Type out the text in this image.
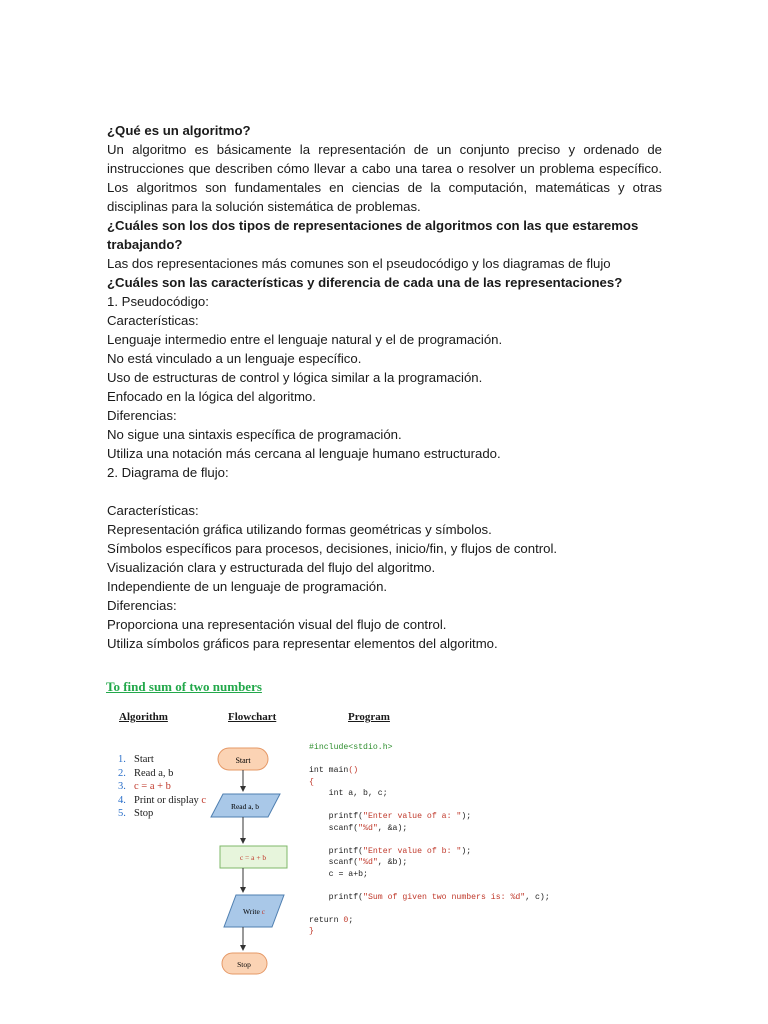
¿Qué es un algoritmo?

Un algoritmo es básicamente la representación de un conjunto preciso y ordenado de instrucciones que describen cómo llevar a cabo una tarea o resolver un problema específico. Los algoritmos son fundamentales en ciencias de la computación, matemáticas y otras disciplinas para la solución sistemática de problemas.

¿Cuáles son los dos tipos de representaciones de algoritmos con las que estaremos trabajando?

Las dos representaciones más comunes son el pseudocódigo y los diagramas de flujo

¿Cuáles son las características y diferencia de cada una de las representaciones?

1. Pseudocódigo:

Características:

Lenguaje intermedio entre el lenguaje natural y el de programación.

No está vinculado a un lenguaje específico.

Uso de estructuras de control y lógica similar a la programación.

Enfocado en la lógica del algoritmo.

Diferencias:

No sigue una sintaxis específica de programación.

Utiliza una notación más cercana al lenguaje humano estructurado.

2. Diagrama de flujo:

Características:

Representación gráfica utilizando formas geométricas y símbolos.

Símbolos específicos para procesos, decisiones, inicio/fin, y flujos de control.

Visualización clara y estructurada del flujo del algoritmo.

Independiente de un lenguaje de programación.

Diferencias:

Proporciona una representación visual del flujo de control.

Utiliza símbolos gráficos para representar elementos del algoritmo.

To find sum of two numbers
Algorithm	Flowchart	Program
1. Start
2. Read a, b
3. c = a + b
4. Print or display c
5. Stop
Start
Read a, b
c = a + b
Write c
Stop
#include<stdio.h>

int main()
{
int a, b, c;

printf("Enter value of a: ");
scanf("%d", &a);

printf("Enter value of b: ");
scanf("%d", &b);
c = a+b;

printf("Sum of given two numbers is: %d", c);

return 0;
}
